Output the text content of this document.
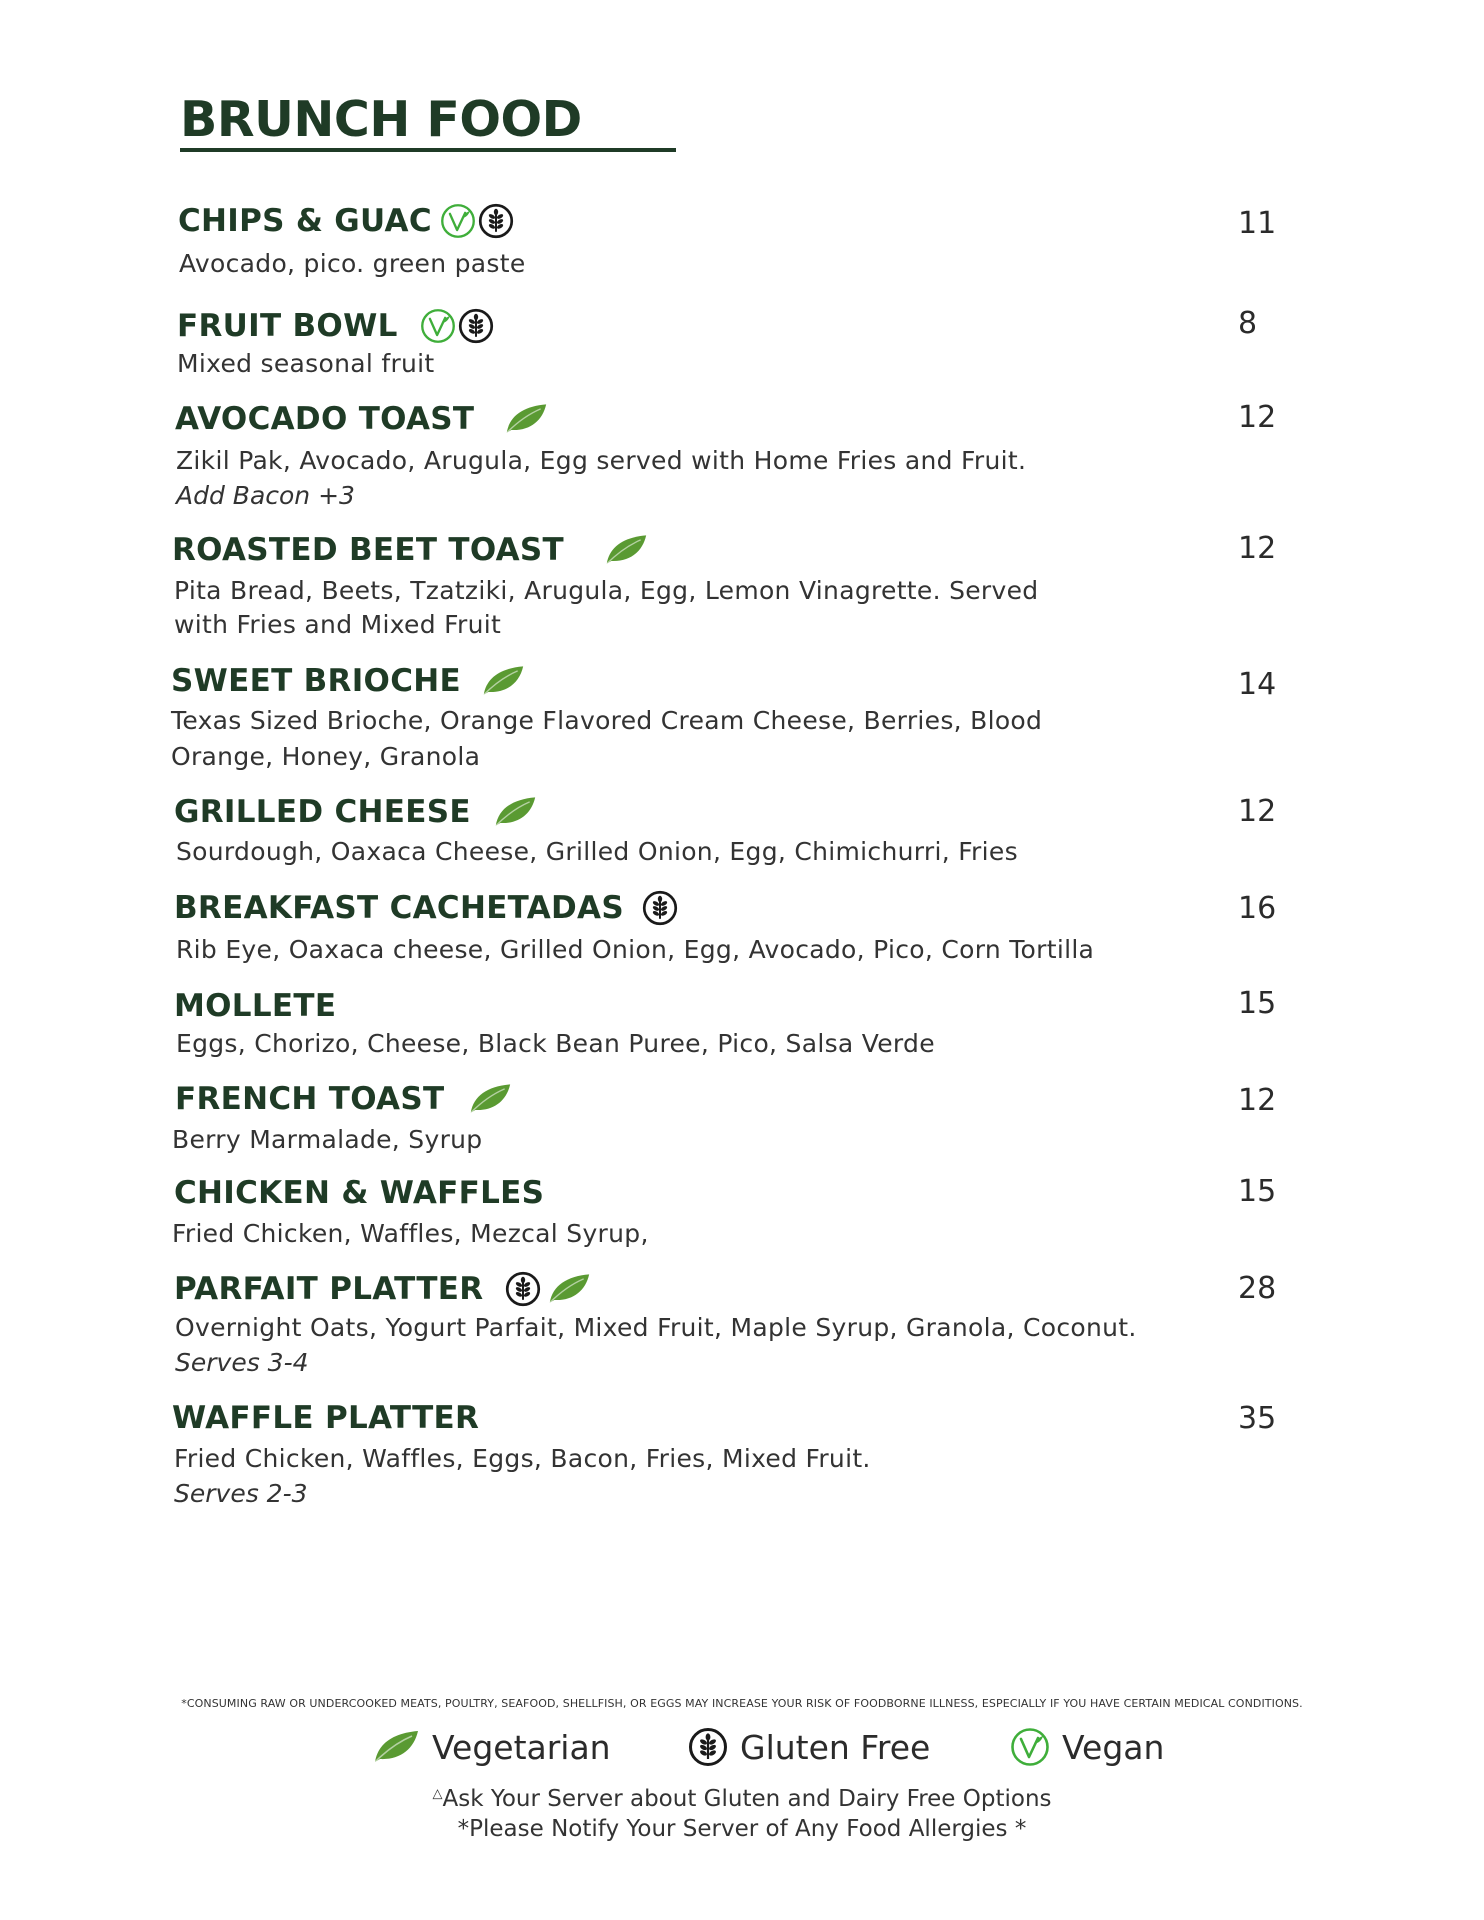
BRUNCH FOOD
CHIPS & GUAC	11
Avocado, pico. green paste
FRUIT BOWL	8
Mixed seasonal fruit
AVOCADO TOAST	12
Zikil Pak, Avocado, Arugula, Egg served with Home Fries and Fruit.
Add Bacon +3
ROASTED BEET TOAST	12
Pita Bread, Beets, Tzatziki, Arugula, Egg, Lemon Vinagrette. Served
with Fries and Mixed Fruit
SWEET BRIOCHE	14
Texas Sized Brioche, Orange Flavored Cream Cheese, Berries, Blood
Orange, Honey, Granola
GRILLED CHEESE	12
Sourdough, Oaxaca Cheese, Grilled Onion, Egg, Chimichurri, Fries
BREAKFAST CACHETADAS	16
Rib Eye, Oaxaca cheese, Grilled Onion, Egg, Avocado, Pico, Corn Tortilla
MOLLETE	15
Eggs, Chorizo, Cheese, Black Bean Puree, Pico, Salsa Verde
FRENCH TOAST	12
Berry Marmalade, Syrup
CHICKEN & WAFFLES	15
Fried Chicken, Waffles, Mezcal Syrup,
PARFAIT PLATTER	28
Overnight Oats, Yogurt Parfait, Mixed Fruit, Maple Syrup, Granola, Coconut.
Serves 3-4
WAFFLE PLATTER	35
Fried Chicken, Waffles, Eggs, Bacon, Fries, Mixed Fruit.
Serves 2-3
*CONSUMING RAW OR UNDERCOOKED MEATS, POULTRY, SEAFOOD, SHELLFISH, OR EGGS MAY INCREASE YOUR RISK OF FOODBORNE ILLNESS, ESPECIALLY IF YOU HAVE CERTAIN MEDICAL CONDITIONS.
Vegetarian	Gluten Free	Vegan
△Ask Your Server about Gluten and Dairy Free Options
*Please Notify Your Server of Any Food Allergies *
